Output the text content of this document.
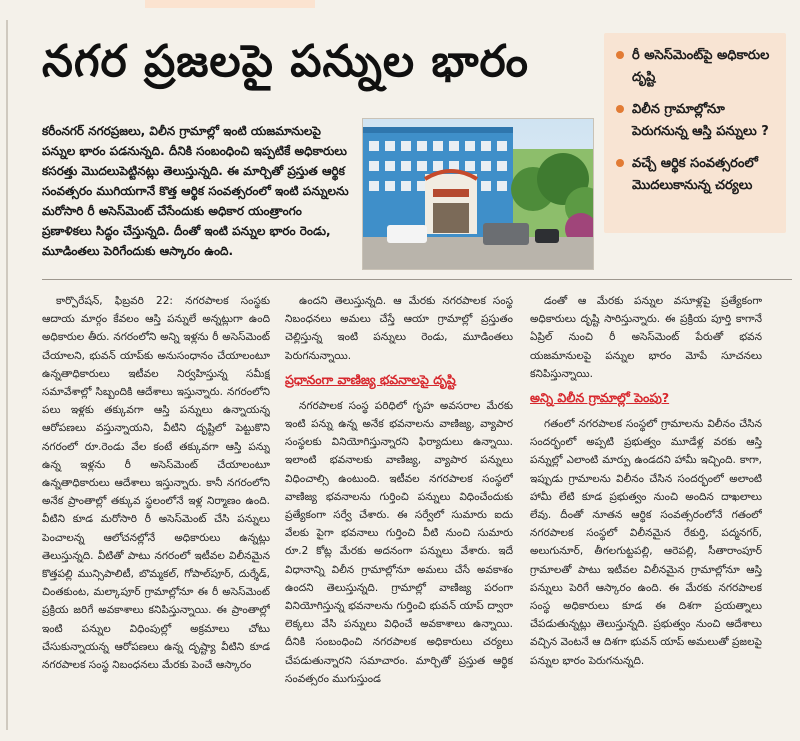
నగర ప్రజలపై పన్నుల భారం	రీ అసెస్‌మెంట్‌పై అధికారుల దృష్టి
విలీన గ్రామాల్లోనూ పెరుగనున్న ఆస్తి పన్నులు ?
వచ్చే ఆర్థిక సంవత్సరంలో మొదలుకానున్న చర్యలు
కరీంనగర్ నగరప్రజలు, విలీన గ్రామాల్లో ఇంటి యజమానులపై పన్నుల భారం పడనున్నది. దీనికి సంబంధించి ఇప్పటికే అధికారులు కసరత్తు మొదలుపెట్టినట్లు తెలుస్తున్నది. ఈ మార్చితో ప్రస్తుత ఆర్థిక సంవత్సరం ముగియగానే కొత్త ఆర్థిక సంవత్సరంలో ఇంటి పన్నులను మరోసారి రీ అసెస్‌మెంట్ చేసేందుకు అధికార యంత్రాంగం ప్రణాళికలు సిద్ధం చేస్తున్నది. దీంతో ఇంటి పన్నుల భారం రెండు, మూడింతలు పెరిగేందుకు ఆస్కారం ఉంది.

కార్పొరేషన్, ఫిబ్రవరి 22: నగరపాలక సంస్థకు ఆదాయ మార్గం కేవలం ఆస్తి పన్నులే అన్నట్లుగా ఉంది అధికారుల తీరు. నగరంలోని అన్ని ఇళ్లను రీ అసెస్‌మెంట్ చేయాలని, భువన్ యాప్‌కు అనుసంధానం చేయాలంటూ ఉన్నతాధికారులు ఇటీవల నిర్వహిస్తున్న సమీక్ష సమావేశాల్లో సిబ్బందికి ఆదేశాలు ఇస్తున్నారు. నగరంలోని పలు ఇళ్లకు తక్కువగా ఆస్తి పన్నులు ఉన్నాయన్న ఆరోపణలు వస్తున్నాయని, వీటిని దృష్టిలో పెట్టుకొని నగరంలో రూ.రెండు వేల కంటే తక్కువగా ఆస్తి పన్ను ఉన్న ఇళ్లను రీ అసెస్‌మెంట్ చేయాలంటూ ఉన్నతాధికారులు ఆదేశాలు ఇస్తున్నారు. కానీ నగరంలోని అనేక ప్రాంతాల్లో తక్కువ స్థలంలోనే ఇళ్ల నిర్మాణం ఉంది. వీటిని కూడ మరోసారి రీ అసెస్‌మెంట్ చేసి పన్నులు పెంచాలన్న ఆలోచనల్లోనే అధికారులు ఉన్నట్లు తెలుస్తున్నది. వీటితో పాటు నగరంలో ఇటీవల విలీనమైన కొత్తపల్లి మున్సిపాలిటీ, బొమ్మకల్, గోపాల్‌పూర్, దుర్శేడ్, చింతకుంట, మల్కాపూర్ గ్రామాల్లోనూ ఈ రీ అసెస్‌మెంట్ ప్రక్రియ జరిగే అవకాశాలు కనిపిస్తున్నాయి. ఈ ప్రాంతాల్లో ఇంటి పన్నుల విధింపుల్లో అక్రమాలు చోటు చేసుకున్నాయన్న ఆరోపణలు ఉన్న దృష్ట్యా వీటిని కూడ నగరపాలక సంస్థ నిబంధనలు మేరకు పెంచే ఆస్కారం

ఉందని తెలుస్తున్నది. ఆ మేరకు నగరపాలక సంస్థ నిబంధనలు అమలు చేస్తే ఆయా గ్రామాల్లో ప్రస్తుతం చెల్లిస్తున్న ఇంటి పన్నులు రెండు, మూడింతలు పెరుగనున్నాయి.

ప్రధానంగా వాణిజ్య భవనాలపై దృష్టి

నగరపాలక సంస్థ పరిధిలో గృహ అవసరాల మేరకు ఇంటి పన్ను ఉన్న అనేక భవనాలను వాణిజ్య, వ్యాపార సంస్థలకు వినియోగిస్తున్నారని ఫిర్యాదులు ఉన్నాయి. ఇలాంటి భవనాలకు వాణిజ్య, వ్యాపార పన్నులు విధించాల్సి ఉంటుంది. ఇటీవల నగరపాలక సంస్థలో వాణిజ్య భవనాలను గుర్తించి పన్నులు విధించేందుకు ప్రత్యేకంగా సర్వే చేశారు. ఈ సర్వేలో సుమారు ఐదు వేలకు పైగా భవనాలు గుర్తించి వీటి నుంచి సుమారు రూ.2 కోట్ల మేరకు అదనంగా పన్నులు వేశారు. ఇదే విధానాన్ని విలీన గ్రామాల్లోనూ అమలు చేసే అవకాశం ఉందని తెలుస్తున్నది. గ్రామాల్లో వాణిజ్య పరంగా వినియోగిస్తున్న భవనాలను గుర్తించి భువన్ యాప్ ద్వారా లెక్కలు వేసి పన్నులు విధించే అవకాశాలు ఉన్నాయి. దీనికి సంబంధించి నగరపాలక అధికారులు చర్యలు చేపడుతున్నారని సమాచారం. మార్చితో ప్రస్తుత ఆర్థిక సంవత్సరం ముగుస్తుండ

డంతో ఆ మేరకు పన్నుల వసూళ్లపై ప్రత్యేకంగా అధికారులు దృష్టి సారిస్తున్నారు. ఈ ప్రక్రియ పూర్తి కాగానే ఏప్రిల్ నుంచి రీ అసెస్‌మెంట్ పేరుతో భవన యజమానులపై పన్నుల భారం మోపే సూచనలు కనిపిస్తున్నాయి.

అన్ని విలీన గ్రామాల్లో పెంపు?

గతంలో నగరపాలక సంస్థలో గ్రామాలను విలీనం చేసిన సందర్భంలో అప్పటి ప్రభుత్వం మూడేళ్ల వరకు ఆస్తి పన్నుల్లో ఎలాంటి మార్పు ఉండదని హామీ ఇచ్చింది. కాగా, ఇప్పుడు గ్రామాలను విలీనం చేసిన సందర్భంలో అలాంటి హామీ లేటి కూడ ప్రభుత్వం నుంచి అందిన దాఖలాలు లేవు. దీంతో నూతన ఆర్థిక సంవత్సరంలోనే గతంలో నగరపాలక సంస్థలో విలీనమైన రేకుర్తి, పద్మనగర్, అలుగునూర్, తీగలగుట్టపల్లి, ఆరెపల్లి, సీతారాంపూర్ గ్రామాలతో పాటు ఇటీవల విలీనమైన గ్రామాల్లోనూ ఆస్తి పన్నులు పెరిగే ఆస్కారం ఉంది. ఈ మేరకు నగరపాలక సంస్థ అధికారులు కూడ ఈ దిశగా ప్రయత్నాలు చేపడుతున్నట్లు తెలుస్తున్నది. ప్రభుత్వం నుంచి ఆదేశాలు వచ్చిన వెంటనే ఆ దిశగా భువన్ యాప్ అమలుతో ప్రజలపై పన్నుల భారం పెరుగనున్నది.
